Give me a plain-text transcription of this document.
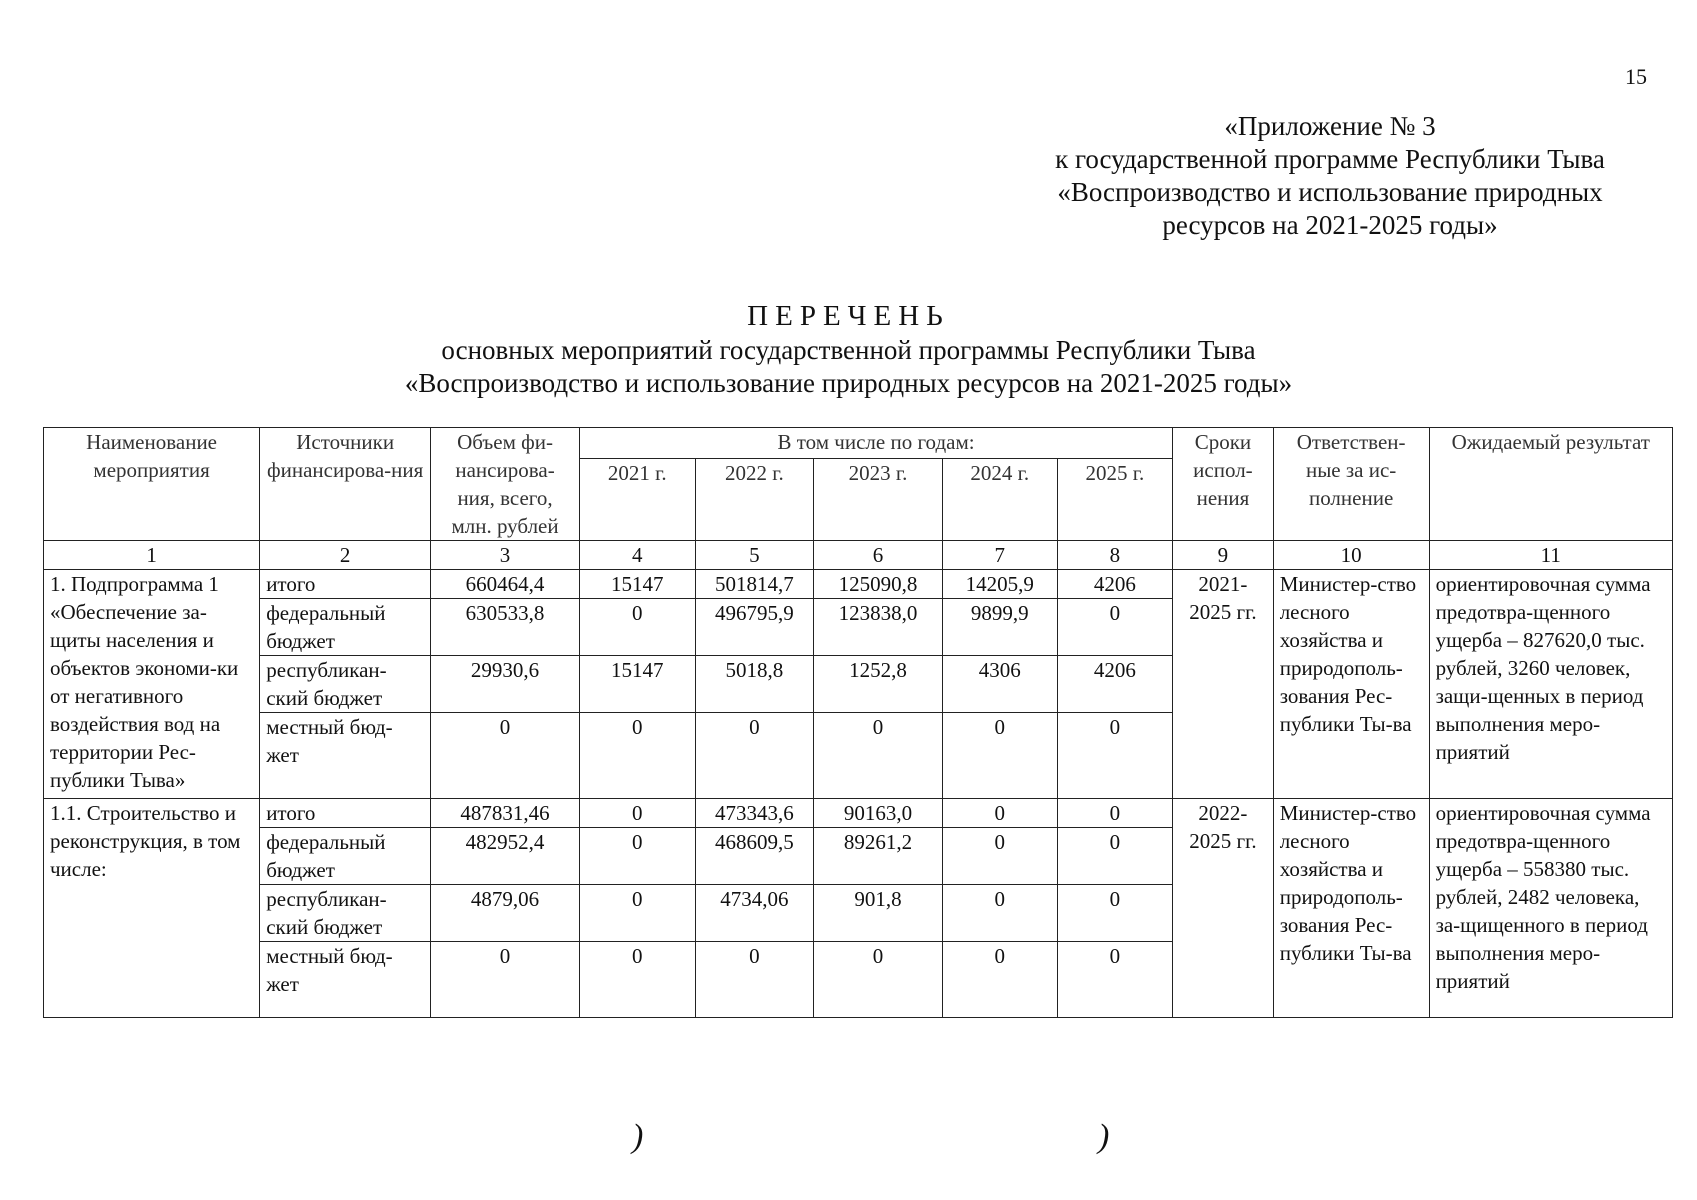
15
«Приложение № 3
к государственной программе Республики Тыва
«Воспроизводство и использование природных
ресурсов на 2021-2025 годы»
ПЕРЕЧЕНЬ
основных мероприятий государственной программы Республики Тыва
«Воспроизводство и использование природных ресурсов на 2021-2025 годы»
Наименование мероприятия	Источники финансирова-ния	Объем фи-нансирова-ния, всего, млн. рублей	В том числе по годам:					Сроки испол-нения	Ответствен-ные за ис-полнение	Ожидаемый результат
			2021 г.	2022 г.	2023 г.	2024 г.	2025 г.			
1	2	3	4	5	6	7	8	9	10	11
1. Подпрограмма 1 «Обеспечение за-щиты населения и объектов экономи-ки от негативного воздействия вод на территории Рес-публики Тыва»	итого	660464,4	15147	501814,7	125090,8	14205,9	4206	2021-2025 гг.	Министер-ство лесного хозяйства и природополь-зования Рес-публики Ты-ва	ориентировочная сумма предотвра-щенного ущерба – 827620,0 тыс. рублей, 3260 человек, защи-щенных в период выполнения меро-приятий
	федеральный бюджет	630533,8	0	496795,9	123838,0	9899,9	0			
	республикан-ский бюджет	29930,6	15147	5018,8	1252,8	4306	4206			
	местный бюд-жет	0	0	0	0	0	0			
1.1. Строительство и реконструкция, в том числе:	итого	487831,46	0	473343,6	90163,0	0	0	2022-2025 гг.	Министер-ство лесного хозяйства и природополь-зования Рес-публики Ты-ва	ориентировочная сумма предотвра-щенного ущерба – 558380 тыс. рублей, 2482 человека, за-щищенного в период выполнения меро-приятий
	федеральный бюджет	482952,4	0	468609,5	89261,2	0	0			
	республикан-ский бюджет	4879,06	0	4734,06	901,8	0	0			
	местный бюд-жет	0	0	0	0	0	0			
)	)
